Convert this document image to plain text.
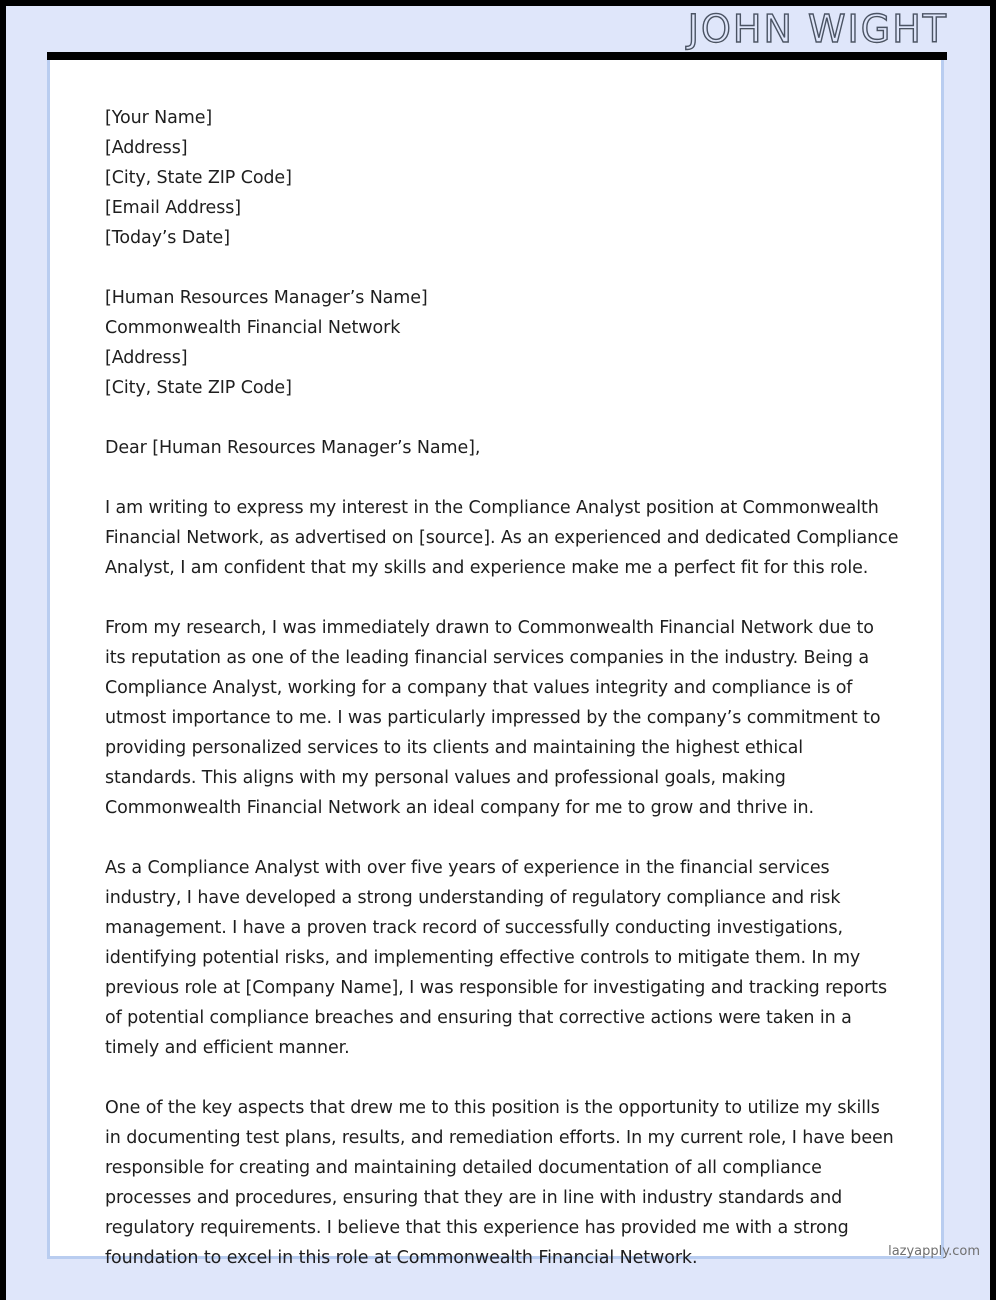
JOHN WIGHT
[Your Name]
[Address]
[City, State ZIP Code]
[Email Address]
[Today’s Date]
[Human Resources Manager’s Name]
Commonwealth Financial Network
[Address]
[City, State ZIP Code]

Dear [Human Resources Manager’s Name],

I am writing to express my interest in the Compliance Analyst position at Commonwealth Financial Network, as advertised on [source]. As an experienced and dedicated Compliance Analyst, I am confident that my skills and experience make me a perfect fit for this role.

From my research, I was immediately drawn to Commonwealth Financial Network due to its reputation as one of the leading financial services companies in the industry. Being a Compliance Analyst, working for a company that values integrity and compliance is of utmost importance to me. I was particularly impressed by the company’s commitment to providing personalized services to its clients and maintaining the highest ethical standards. This aligns with my personal values and professional goals, making Commonwealth Financial Network an ideal company for me to grow and thrive in.

As a Compliance Analyst with over five years of experience in the financial services industry, I have developed a strong understanding of regulatory compliance and risk management. I have a proven track record of successfully conducting investigations, identifying potential risks, and implementing effective controls to mitigate them. In my previous role at [Company Name], I was responsible for investigating and tracking reports of potential compliance breaches and ensuring that corrective actions were taken in a timely and efficient manner.

One of the key aspects that drew me to this position is the opportunity to utilize my skills in documenting test plans, results, and remediation efforts. In my current role, I have been responsible for creating and maintaining detailed documentation of all compliance processes and procedures, ensuring that they are in line with industry standards and regulatory requirements. I believe that this experience has provided me with a strong foundation to excel in this role at Commonwealth Financial Network.	lazyapply.com
